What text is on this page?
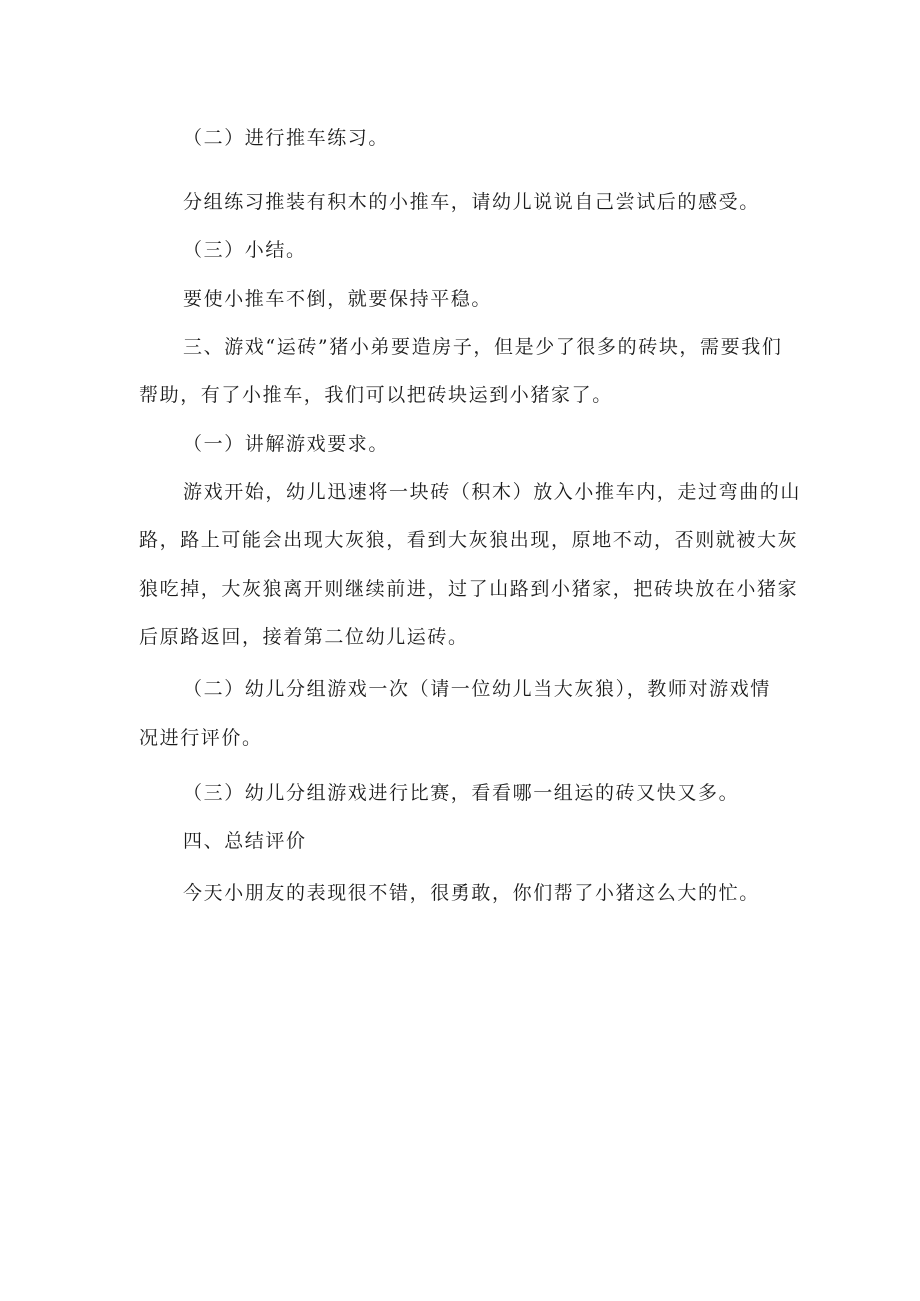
（二）进行推车练习。
分组练习推装有积木的小推车，请幼儿说说自己尝试后的感受。
（三）小结。
要使小推车不倒，就要保持平稳。
三、游戏“运砖”猪小弟要造房子，但是少了很多的砖块，需要我们
帮助，有了小推车，我们可以把砖块运到小猪家了。
（一）讲解游戏要求。
游戏开始，幼儿迅速将一块砖（积木）放入小推车内，走过弯曲的山
路，路上可能会出现大灰狼，看到大灰狼出现，原地不动，否则就被大灰
狼吃掉，大灰狼离开则继续前进，过了山路到小猪家，把砖块放在小猪家
后原路返回，接着第二位幼儿运砖。
（二）幼儿分组游戏一次（请一位幼儿当大灰狼），教师对游戏情
况进行评价。
（三）幼儿分组游戏进行比赛，看看哪一组运的砖又快又多。
四、总结评价
今天小朋友的表现很不错，很勇敢，你们帮了小猪这么大的忙。
